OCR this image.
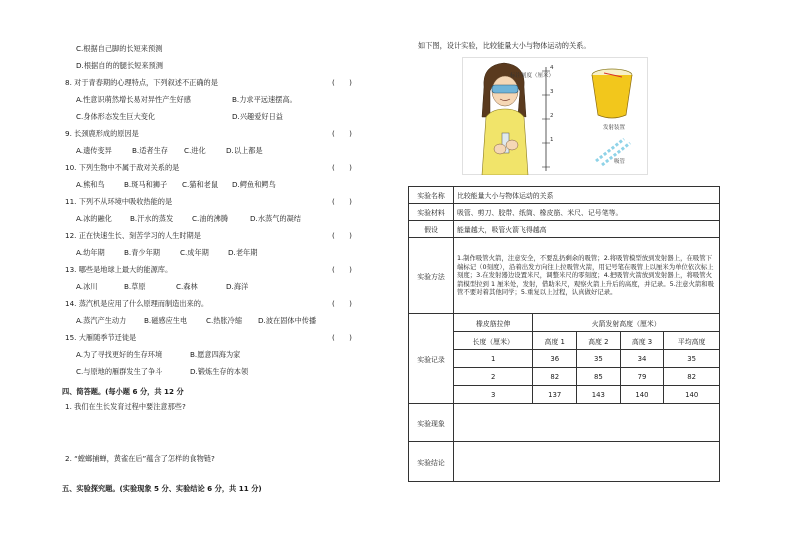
C.根据自己脚的长短来预测
D.根据自的的腿长短来预测
8. 对于青春期的心理特点，下列叙述不正确的是	(　　)
A.性意识萌然增长易对异性产生好感	B.力求平远速摆高。
C.身体形态发生巨大变化	D.兴趣爱好日益
9. 长颈鹿形成的原因是	(　　)
A.遗传变异	B.适者生存 C.进化	D.以上都是
10. 下列生物中不属于敌对关系的是	(　　)
A.熊和鸟	B.斑马和狮子 C.猫和老鼠 D.鳄鱼和鳄鸟
11. 下列不从环境中吸收热能的是	(　　)
A.冰的融化	B.汗水的蒸发	C.油的沸腾	D.水蒸气的凝结
12. 正在快速生长、刻苦学习的人生时期是	(　　)
A.幼年期	B.青少年期	C.成年期	D.老年期
13. 哪些是地球上最大的能源库。	(　　)
A.冰川	B.草原	C.森林	D.海洋
14. 蒸汽机是应用了什么原理而制造出来的。	(　　)
A.蒸汽产生动力 B.磁感应生电	C.热胀冷缩 D.波在固体中传播
15. 大雁随季节迁徙是	(　　)
A.为了寻找更好的生存环境	B.愿意四海为家
C.与原地的雁群发生了争斗	D.锻炼生存的本领
四、简答题。(每小题 6 分，共 12 分
1. 我们在生长发育过程中要注意那些?
2. “螳螂捕蝉，黄雀在后”蕴含了怎样的食物链?
五、实验探究题。(实验现象 5 分、实验结论 6 分，共 11 分)
如下图，设计实验，比较能量大小与物体运动的关系。
4
3
2
1
标注刻度（厘米）
发射装置
吸管
实验名称	比较能量大小与物体运动的关系
实验材料	吸管、剪刀、胶带、纸筒、橡皮筋、米尺、记号笔等。
假设	能量越大，吸管火箭飞得越高
实验方法	1.制作吸管火箭，注意安全，不要乱扔剩余的吸管；2.将吸管模型放到发射器上，在吸管下端标记（0刻度），沿着出发方向往上拉吸管火箭，用记号笔在吸管上以厘米为单位依次标上刻度；3.在发射器边设置米尺，调整米尺的零刻度；4.把吸管火箭放到发射器上，将吸管火箭模型拉到 1 厘米处，发射，借助米尺，观察火箭上升后的高度，并记录。5.注意火箭和吸管不要对着其他同学；5.重复以上过程，认真做好记录。
实验记录	
橡皮筋拉伸	火箭发射高度（厘米）
长度（厘米）	高度 1	高度 2	高度 3	平均高度
1	36	35	34	35
2	82	85	79	82
3	137	143	140	140

实验现象	
实验结论	
